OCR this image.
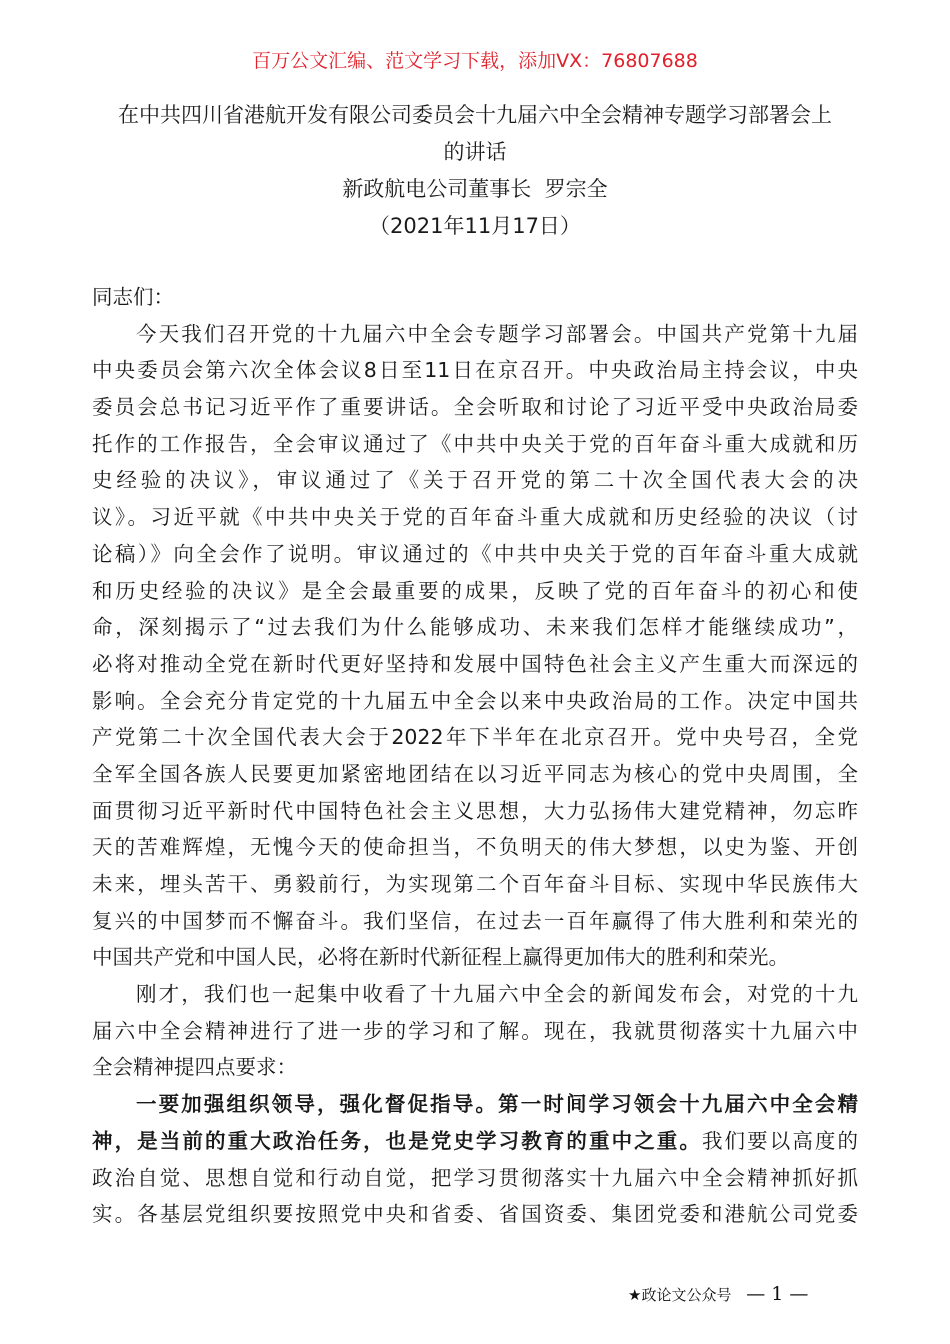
百万公文汇编、范文学习下载，添加VX：76807688
在中共四川省港航开发有限公司委员会十九届六中全会精神专题学习部署会上
的讲话
新政航电公司董事长  罗宗全
（2021年11月17日）
同志们：
今天我们召开党的十九届六中全会专题学习部署会。中国共产党第十九届
中央委员会第六次全体会议8日至11日在京召开。中央政治局主持会议，中央
委员会总书记习近平作了重要讲话。全会听取和讨论了习近平受中央政治局委
托作的工作报告，全会审议通过了《中共中央关于党的百年奋斗重大成就和历
史经验的决议》，审议通过了《关于召开党的第二十次全国代表大会的决
议》。习近平就《中共中央关于党的百年奋斗重大成就和历史经验的决议（讨
论稿）》向全会作了说明。审议通过的《中共中央关于党的百年奋斗重大成就
和历史经验的决议》是全会最重要的成果，反映了党的百年奋斗的初心和使
命，深刻揭示了“过去我们为什么能够成功、未来我们怎样才能继续成功”，
必将对推动全党在新时代更好坚持和发展中国特色社会主义产生重大而深远的
影响。全会充分肯定党的十九届五中全会以来中央政治局的工作。决定中国共
产党第二十次全国代表大会于2022年下半年在北京召开。党中央号召，全党
全军全国各族人民要更加紧密地团结在以习近平同志为核心的党中央周围，全
面贯彻习近平新时代中国特色社会主义思想，大力弘扬伟大建党精神，勿忘昨
天的苦难辉煌，无愧今天的使命担当，不负明天的伟大梦想，以史为鉴、开创
未来，埋头苦干、勇毅前行，为实现第二个百年奋斗目标、实现中华民族伟大
复兴的中国梦而不懈奋斗。我们坚信，在过去一百年赢得了伟大胜利和荣光的
中国共产党和中国人民，必将在新时代新征程上赢得更加伟大的胜利和荣光。
刚才，我们也一起集中收看了十九届六中全会的新闻发布会，对党的十九
届六中全会精神进行了进一步的学习和了解。现在，我就贯彻落实十九届六中
全会精神提四点要求：
一要加强组织领导，强化督促指导。第一时间学习领会十九届六中全会精
神，是当前的重大政治任务，也是党史学习教育的重中之重。我们要以高度的
政治自觉、思想自觉和行动自觉，把学习贯彻落实十九届六中全会精神抓好抓
实。各基层党组织要按照党中央和省委、省国资委、集团党委和港航公司党委
★政论文公众号 — 1 —
